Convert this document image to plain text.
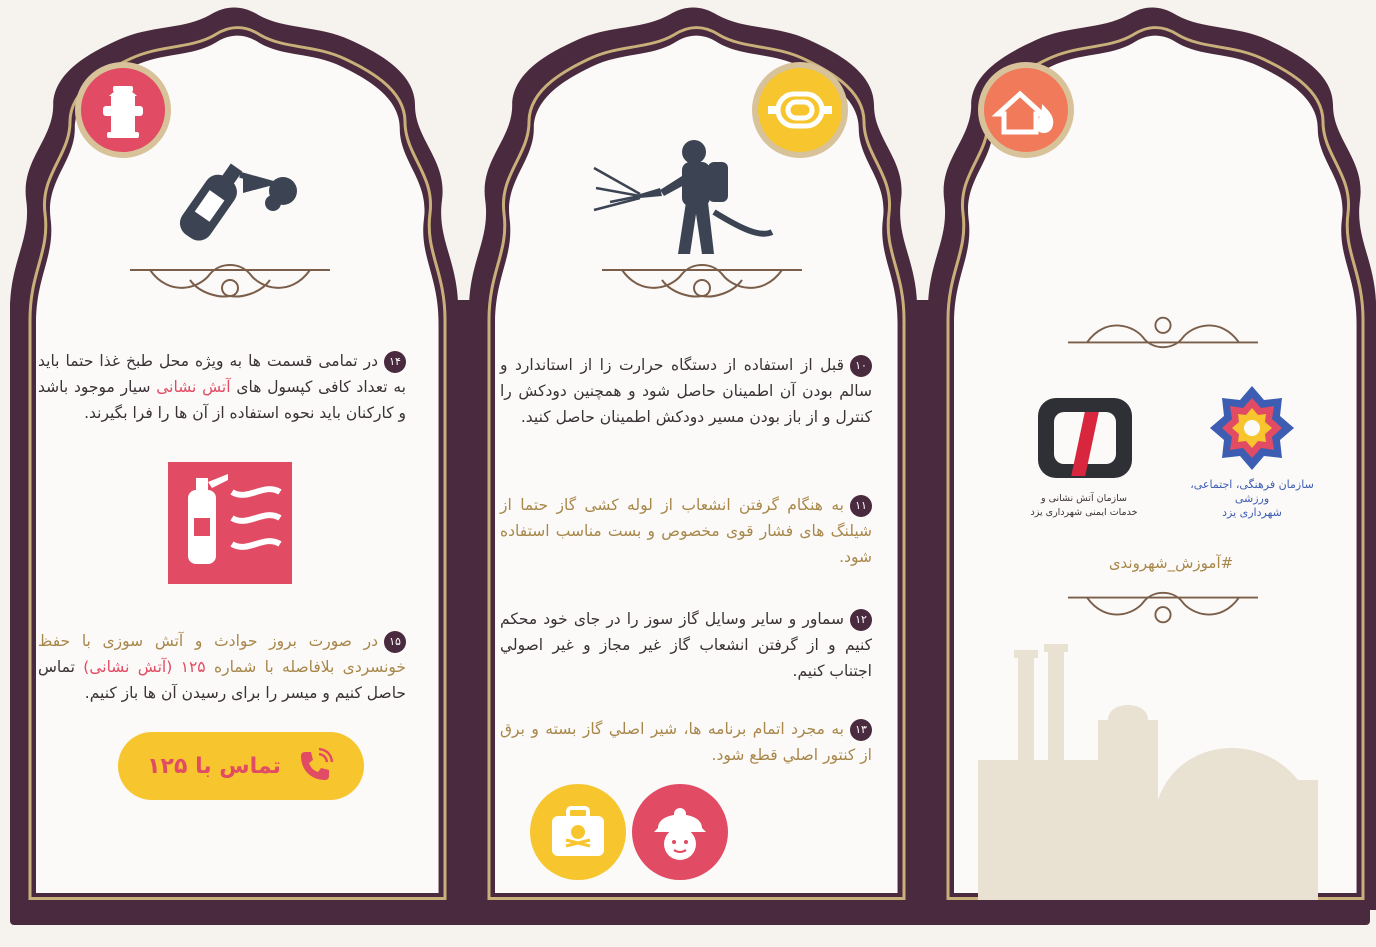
۱۴در تمامی قسمت ها به ویژه محل طبخ غذا حتما باید به تعداد کافی کپسول های آتش نشانی سیار موجود باشد و کارکنان باید نحوه استفاده از آن ها را فرا بگیرند.
۱۵در صورت بروز حوادث و آتش سوزی با حفظ خونسردی بلافاصله با شماره ۱۲۵ (آتش نشانی) تماس حاصل کنیم و میسر را برای رسیدن آن ها باز کنیم.
تماس با ۱۲۵
۱۰قبل از استفاده از دستگاه حرارت زا از استاندارد و سالم بودن آن اطمینان حاصل شود و همچنین دودکش را کنترل و از باز بودن مسیر دودکش اطمینان حاصل کنید.
۱۱به هنگام گرفتن انشعاب از لوله کشی گاز حتما از شیلنگ های فشار قوی مخصوص و بست مناسب استفاده شود.
۱۲سماور و سایر وسایل گاز سوز را در جای خود محکم کنیم و از گرفتن انشعاب گاز غیر مجاز و غیر اصولي اجتناب کنیم.
۱۳به مجرد اتمام برنامه ها، شیر اصلي گاز بسته و برق از کنتور اصلي قطع شود.
سازمان آتش نشانی و
خدمات ایمنی شهرداری یزد
سازمان فرهنگی، اجتماعی، ورزشی
شهرداری یزد
#آموزش_شهروندی
